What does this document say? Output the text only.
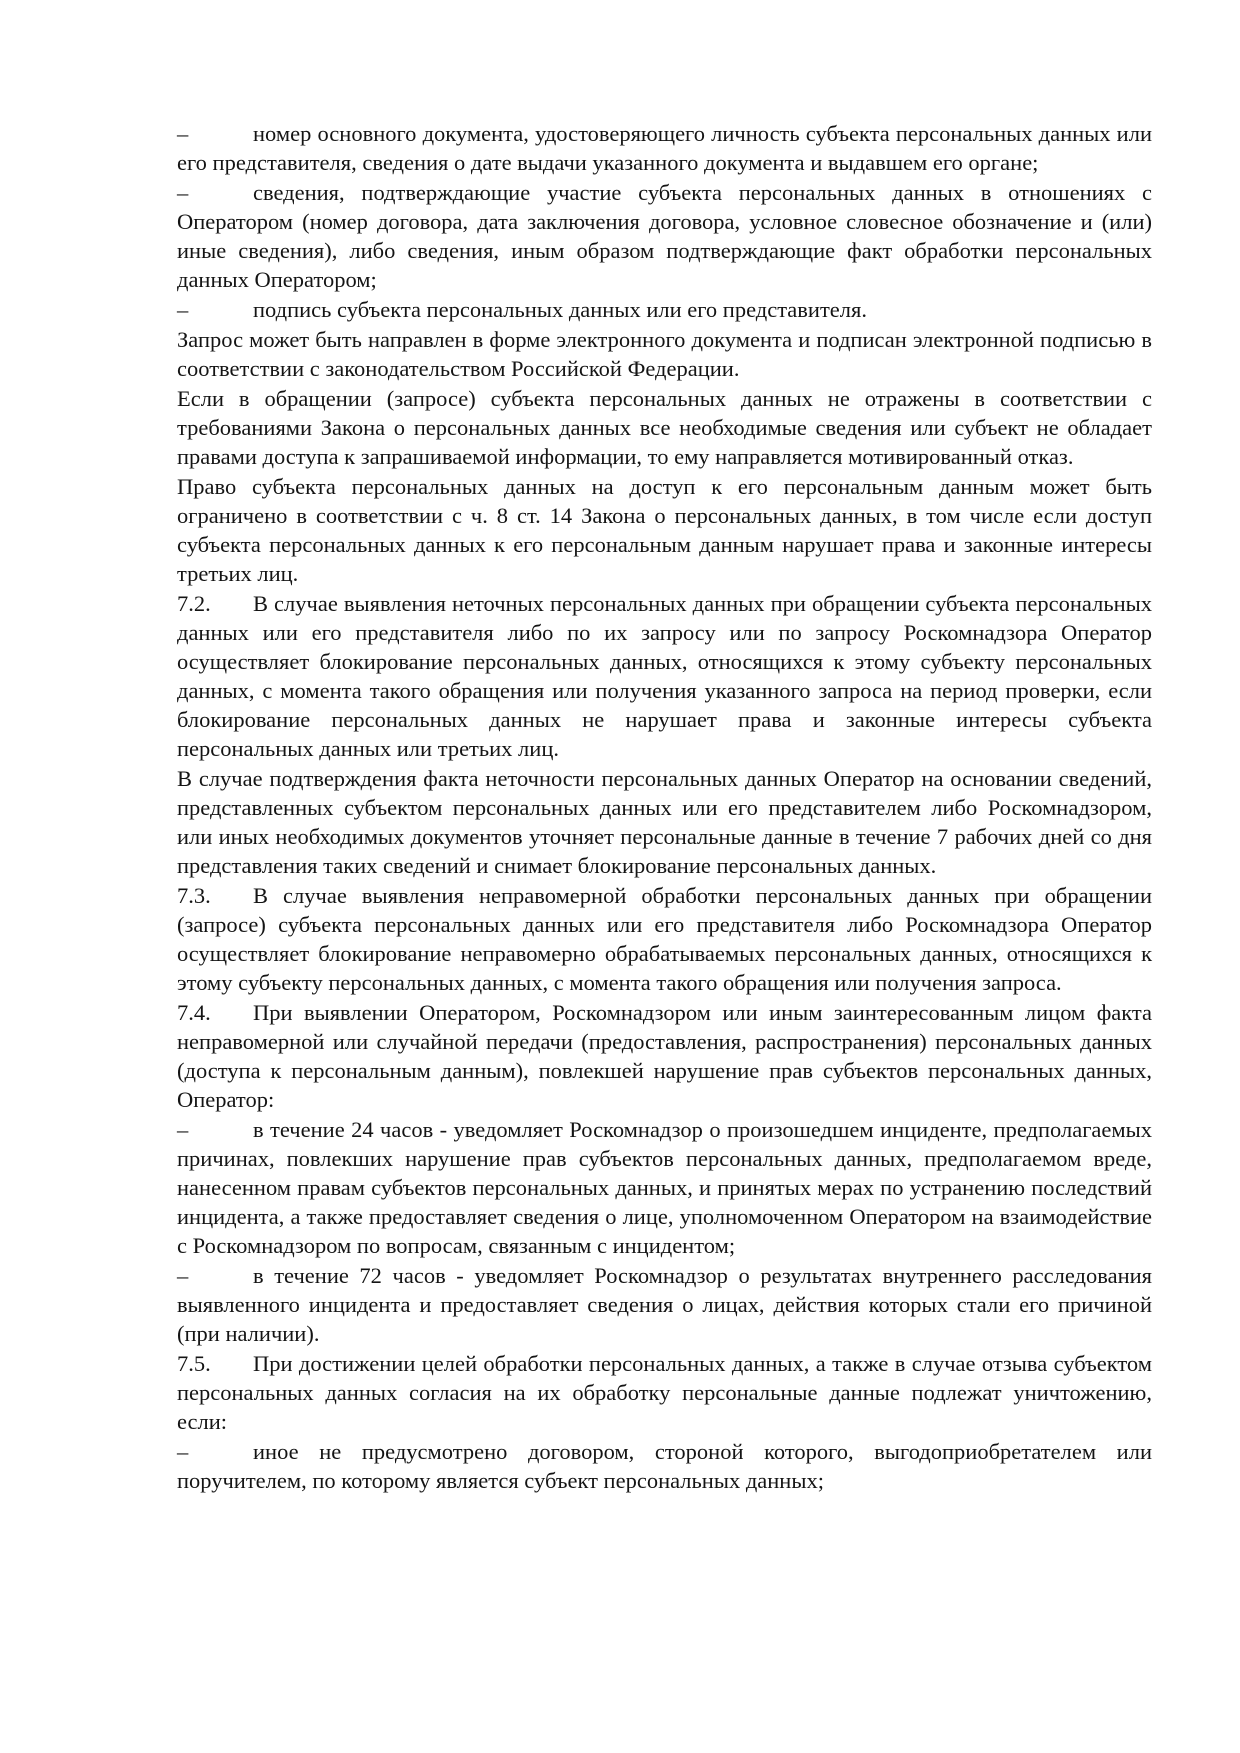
–	номер основного документа, удостоверяющего личность субъекта персональных данных или его представителя, сведения о дате выдачи указанного документа и выдавшем его органе;

–	сведения, подтверждающие участие субъекта персональных данных в отношениях с Оператором (номер договора, дата заключения договора, условное словесное обозначение и (или) иные сведения), либо сведения, иным образом подтверждающие факт обработки персональных данных Оператором;

–	подпись субъекта персональных данных или его представителя.

Запрос может быть направлен в форме электронного документа и подписан электронной подписью в соответствии с законодательством Российской Федерации.

Если в обращении (запросе) субъекта персональных данных не отражены в соответствии с требованиями Закона о персональных данных все необходимые сведения или субъект не обладает правами доступа к запрашиваемой информации, то ему направляется мотивированный отказ.

Право субъекта персональных данных на доступ к его персональным данным может быть ограничено в соответствии с ч. 8 ст. 14 Закона о персональных данных, в том числе если доступ субъекта персональных данных к его персональным данным нарушает права и законные интересы третьих лиц.

7.2. В случае выявления неточных персональных данных при обращении субъекта персональных данных или его представителя либо по их запросу или по запросу Роскомнадзора Оператор осуществляет блокирование персональных данных, относящихся к этому субъекту персональных данных, с момента такого обращения или получения указанного запроса на период проверки, если блокирование персональных данных не нарушает права и законные интересы субъекта персональных данных или третьих лиц.

В случае подтверждения факта неточности персональных данных Оператор на основании сведений, представленных субъектом персональных данных или его представителем либо Роскомнадзором, или иных необходимых документов уточняет персональные данные в течение 7 рабочих дней со дня представления таких сведений и снимает блокирование персональных данных.

7.3. В случае выявления неправомерной обработки персональных данных при обращении (запросе) субъекта персональных данных или его представителя либо Роскомнадзора Оператор осуществляет блокирование неправомерно обрабатываемых персональных данных, относящихся к этому субъекту персональных данных, с момента такого обращения или получения запроса.

7.4. При выявлении Оператором, Роскомнадзором или иным заинтересованным лицом факта неправомерной или случайной передачи (предоставления, распространения) персональных данных (доступа к персональным данным), повлекшей нарушение прав субъектов персональных данных, Оператор:

–	в течение 24 часов - уведомляет Роскомнадзор о произошедшем инциденте, предполагаемых причинах, повлекших нарушение прав субъектов персональных данных, предполагаемом вреде, нанесенном правам субъектов персональных данных, и принятых мерах по устранению последствий инцидента, а также предоставляет сведения о лице, уполномоченном Оператором на взаимодействие с Роскомнадзором по вопросам, связанным с инцидентом;

–	в течение 72 часов - уведомляет Роскомнадзор о результатах внутреннего расследования выявленного инцидента и предоставляет сведения о лицах, действия которых стали его причиной (при наличии).

7.5. При достижении целей обработки персональных данных, а также в случае отзыва субъектом персональных данных согласия на их обработку персональные данные подлежат уничтожению, если:

–	иное не предусмотрено договором, стороной которого, выгодоприобретателем или поручителем, по которому является субъект персональных данных;
